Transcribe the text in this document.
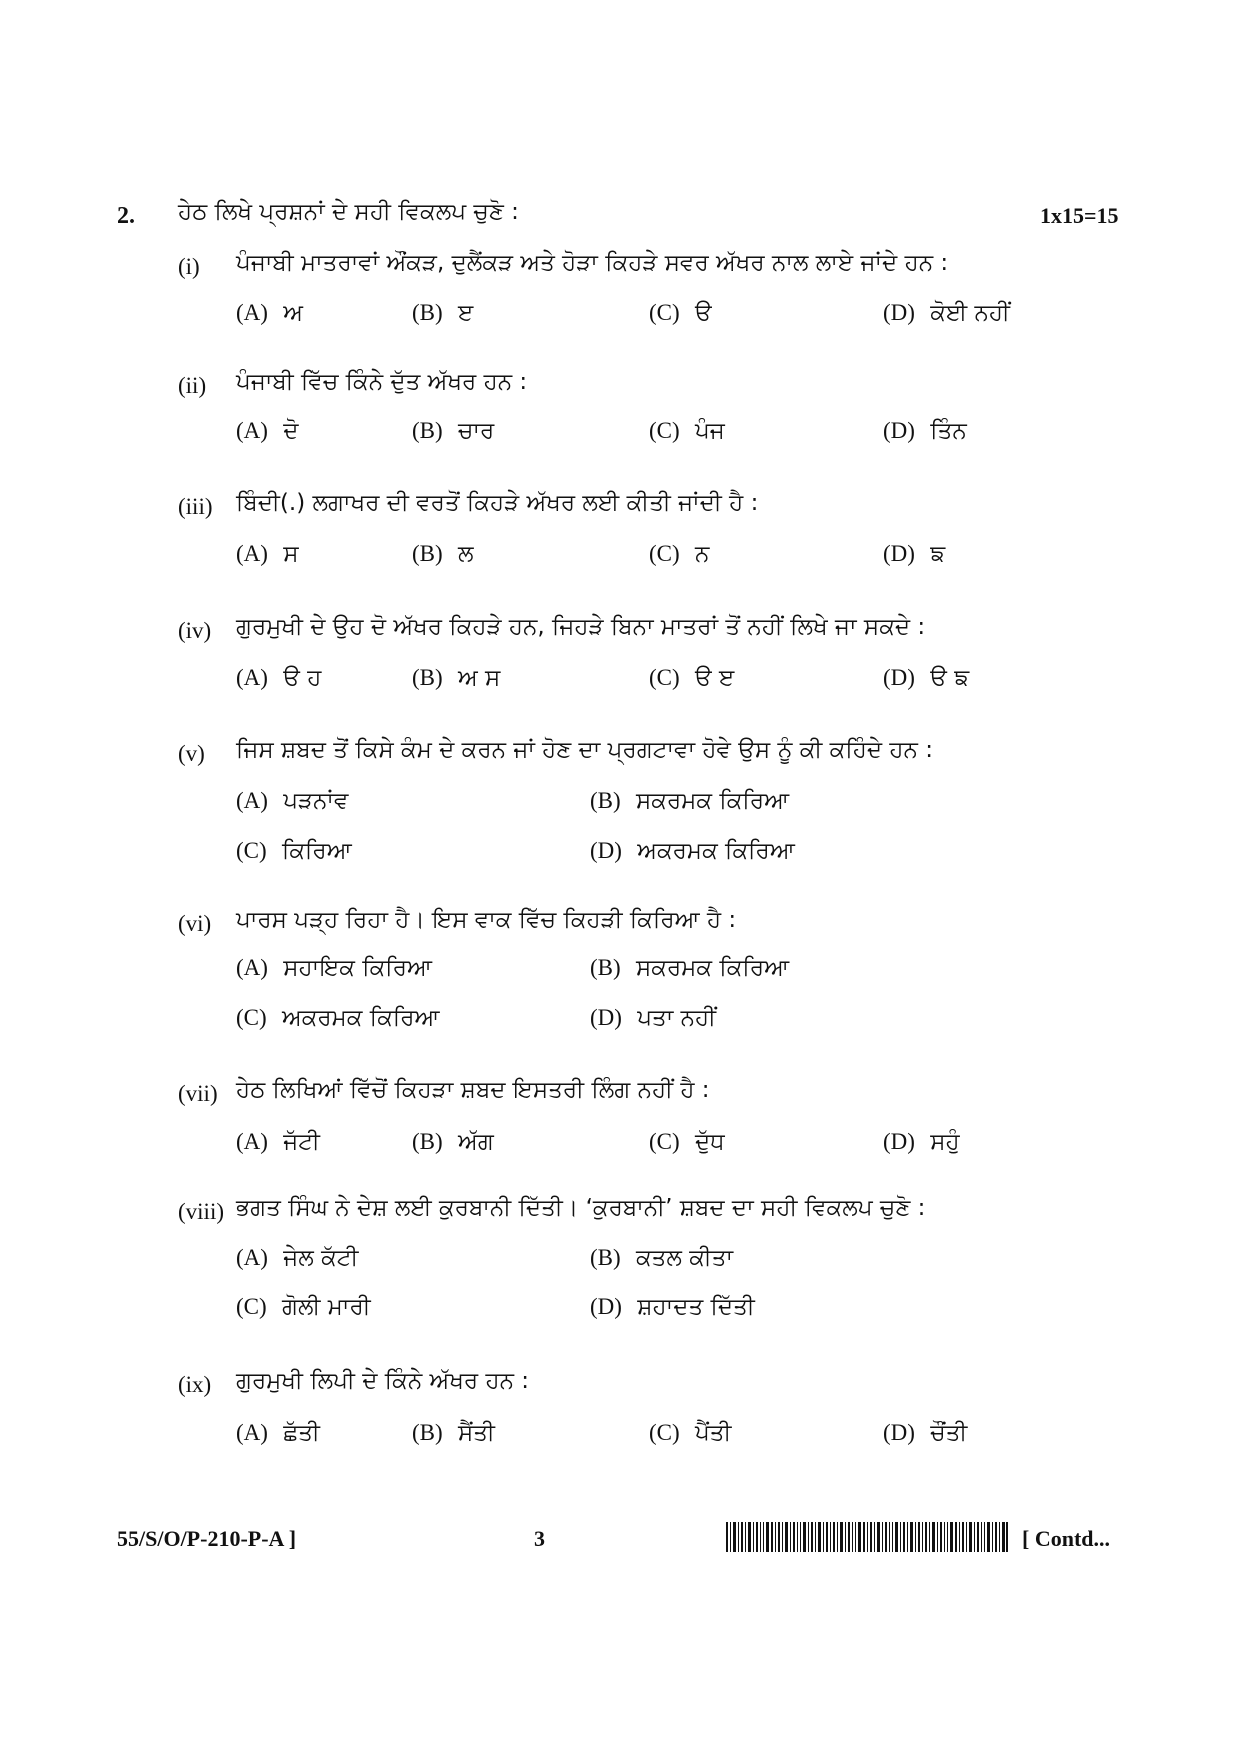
2. ਹੇਠ ਲਿਖੇ ਪ੍ਰਸ਼ਨਾਂ ਦੇ ਸਹੀ ਵਿਕਲਪ ਚੁਣੋ :	1x15=15
(i) ਪੰਜਾਬੀ ਮਾਤਰਾਵਾਂ ਔਂਕੜ, ਦੁਲੈਂਕੜ ਅਤੇ ਹੋੜਾ ਕਿਹੜੇ ਸਵਰ ਅੱਖਰ ਨਾਲ ਲਾਏ ਜਾਂਦੇ ਹਨ :
(A) ਅ	(B) ੲ	(C) ੳ	(D) ਕੋਈ ਨਹੀਂ
(ii) ਪੰਜਾਬੀ ਵਿੱਚ ਕਿੰਨੇ ਦੁੱਤ ਅੱਖਰ ਹਨ :
(A) ਦੋ	(B) ਚਾਰ	(C) ਪੰਜ	(D) ਤਿੰਨ
(iii) ਬਿੰਦੀ(.) ਲਗਾਖਰ ਦੀ ਵਰਤੋਂ ਕਿਹੜੇ ਅੱਖਰ ਲਈ ਕੀਤੀ ਜਾਂਦੀ ਹੈ :
(A) ਸ	(B) ਲ	(C) ਨ	(D) ਙ
(iv) ਗੁਰਮੁਖੀ ਦੇ ਉਹ ਦੋ ਅੱਖਰ ਕਿਹੜੇ ਹਨ, ਜਿਹੜੇ ਬਿਨਾ ਮਾਤਰਾਂ ਤੋਂ ਨਹੀਂ ਲਿਖੇ ਜਾ ਸਕਦੇ :
(A) ੳ ਹ	(B) ਅ ਸ	(C) ੳ ੲ	(D) ੳ ਙ
(v) ਜਿਸ ਸ਼ਬਦ ਤੋਂ ਕਿਸੇ ਕੰਮ ਦੇ ਕਰਨ ਜਾਂ ਹੋਣ ਦਾ ਪ੍ਰਗਟਾਵਾ ਹੋਵੇ ਉਸ ਨੂੰ ਕੀ ਕਹਿੰਦੇ ਹਨ :
(A) ਪੜਨਾਂਵ	(B) ਸਕਰਮਕ ਕਿਰਿਆ
(C) ਕਿਰਿਆ	(D) ਅਕਰਮਕ ਕਿਰਿਆ
(vi) ਪਾਰਸ ਪੜ੍ਹ ਰਿਹਾ ਹੈ। ਇਸ ਵਾਕ ਵਿੱਚ ਕਿਹੜੀ ਕਿਰਿਆ ਹੈ :
(A) ਸਹਾਇਕ ਕਿਰਿਆ	(B) ਸਕਰਮਕ ਕਿਰਿਆ
(C) ਅਕਰਮਕ ਕਿਰਿਆ	(D) ਪਤਾ ਨਹੀਂ
(vii) ਹੇਠ ਲਿਖਿਆਂ ਵਿੱਚੋਂ ਕਿਹੜਾ ਸ਼ਬਦ ਇਸਤਰੀ ਲਿੰਗ ਨਹੀਂ ਹੈ :
(A) ਜੱਟੀ	(B) ਅੱਗ	(C) ਦੁੱਧ	(D) ਸਹੁੰ
(viii) ਭਗਤ ਸਿੰਘ ਨੇ ਦੇਸ਼ ਲਈ ਕੁਰਬਾਨੀ ਦਿੱਤੀ। ‘ਕੁਰਬਾਨੀ’ ਸ਼ਬਦ ਦਾ ਸਹੀ ਵਿਕਲਪ ਚੁਣੋ :
(A) ਜੇਲ ਕੱਟੀ	(B) ਕਤਲ ਕੀਤਾ
(C) ਗੋਲੀ ਮਾਰੀ	(D) ਸ਼ਹਾਦਤ ਦਿੱਤੀ
(ix) ਗੁਰਮੁਖੀ ਲਿਪੀ ਦੇ ਕਿੰਨੇ ਅੱਖਰ ਹਨ :
(A) ਛੱਤੀ	(B) ਸੈਂਤੀ	(C) ਪੈਂਤੀ	(D) ਚੌਂਤੀ
55/S/O/P-210-P-A ]	3	[ Contd...
